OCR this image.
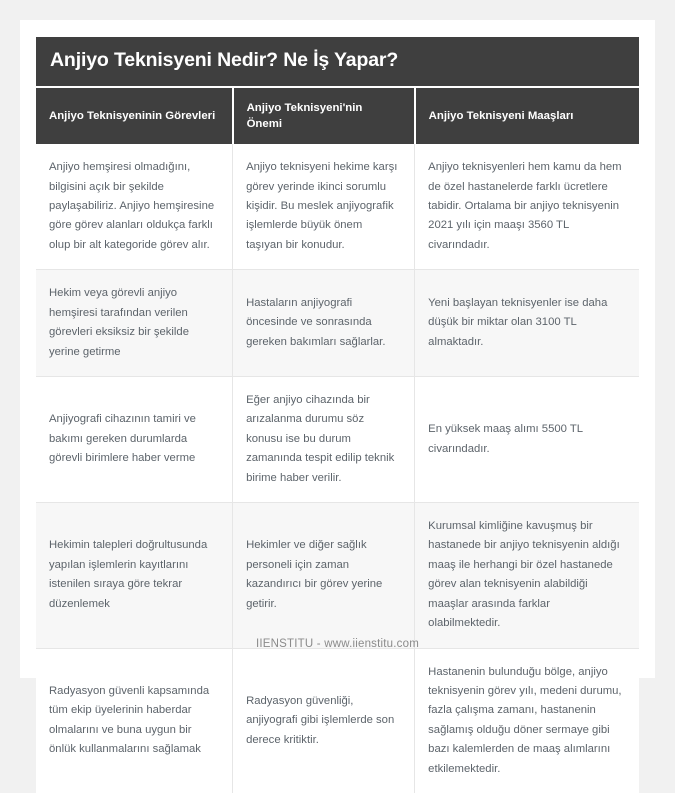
Anjiyo Teknisyeni Nedir? Ne İş Yapar?
Anjiyo Teknisyeninin Görevleri	Anjiyo Teknisyeni'nin Önemi	Anjiyo Teknisyeni Maaşları
Anjiyo hemşiresi olmadığını, bilgisini açık bir şekilde paylaşabiliriz. Anjiyo hemşiresine göre görev alanları oldukça farklı olup bir alt kategoride görev alır.	Anjiyo teknisyeni hekime karşı görev yerinde ikinci sorumlu kişidir. Bu meslek anjiyografik işlemlerde büyük önem taşıyan bir konudur.	Anjiyo teknisyenleri hem kamu da hem de özel hastanelerde farklı ücretlere tabidir. Ortalama bir anjiyo teknisyenin 2021 yılı için maaşı 3560 TL civarındadır.
Hekim veya görevli anjiyo hemşiresi tarafından verilen görevleri eksiksiz bir şekilde yerine getirme	Hastaların anjiyografi öncesinde ve sonrasında gereken bakımları sağlarlar.	Yeni başlayan teknisyenler ise daha düşük bir miktar olan 3100 TL almaktadır.
Anjiyografi cihazının tamiri ve bakımı gereken durumlarda görevli birimlere haber verme	Eğer anjiyo cihazında bir arızalanma durumu söz konusu ise bu durum zamanında tespit edilip teknik birime haber verilir.	En yüksek maaş alımı 5500 TL civarındadır.
Hekimin talepleri doğrultusunda yapılan işlemlerin kayıtlarını istenilen sıraya göre tekrar düzenlemek	Hekimler ve diğer sağlık personeli için zaman kazandırıcı bir görev yerine getirir.	Kurumsal kimliğine kavuşmuş bir hastanede bir anjiyo teknisyenin aldığı maaş ile herhangi bir özel hastanede görev alan teknisyenin alabildiği maaşlar arasında farklar olabilmektedir.
Radyasyon güvenli kapsamında tüm ekip üyelerinin haberdar olmalarını ve buna uygun bir önlük kullanmalarını sağlamak	Radyasyon güvenliği, anjiyografi gibi işlemlerde son derece kritiktir.	Hastanenin bulunduğu bölge, anjiyo teknisyenin görev yılı, medeni durumu, fazla çalışma zamanı, hastanenin sağlamış olduğu döner sermaye gibi bazı kalemlerden de maaş alımlarını etkilemektedir.
IIENSTITU - www.iienstitu.com
